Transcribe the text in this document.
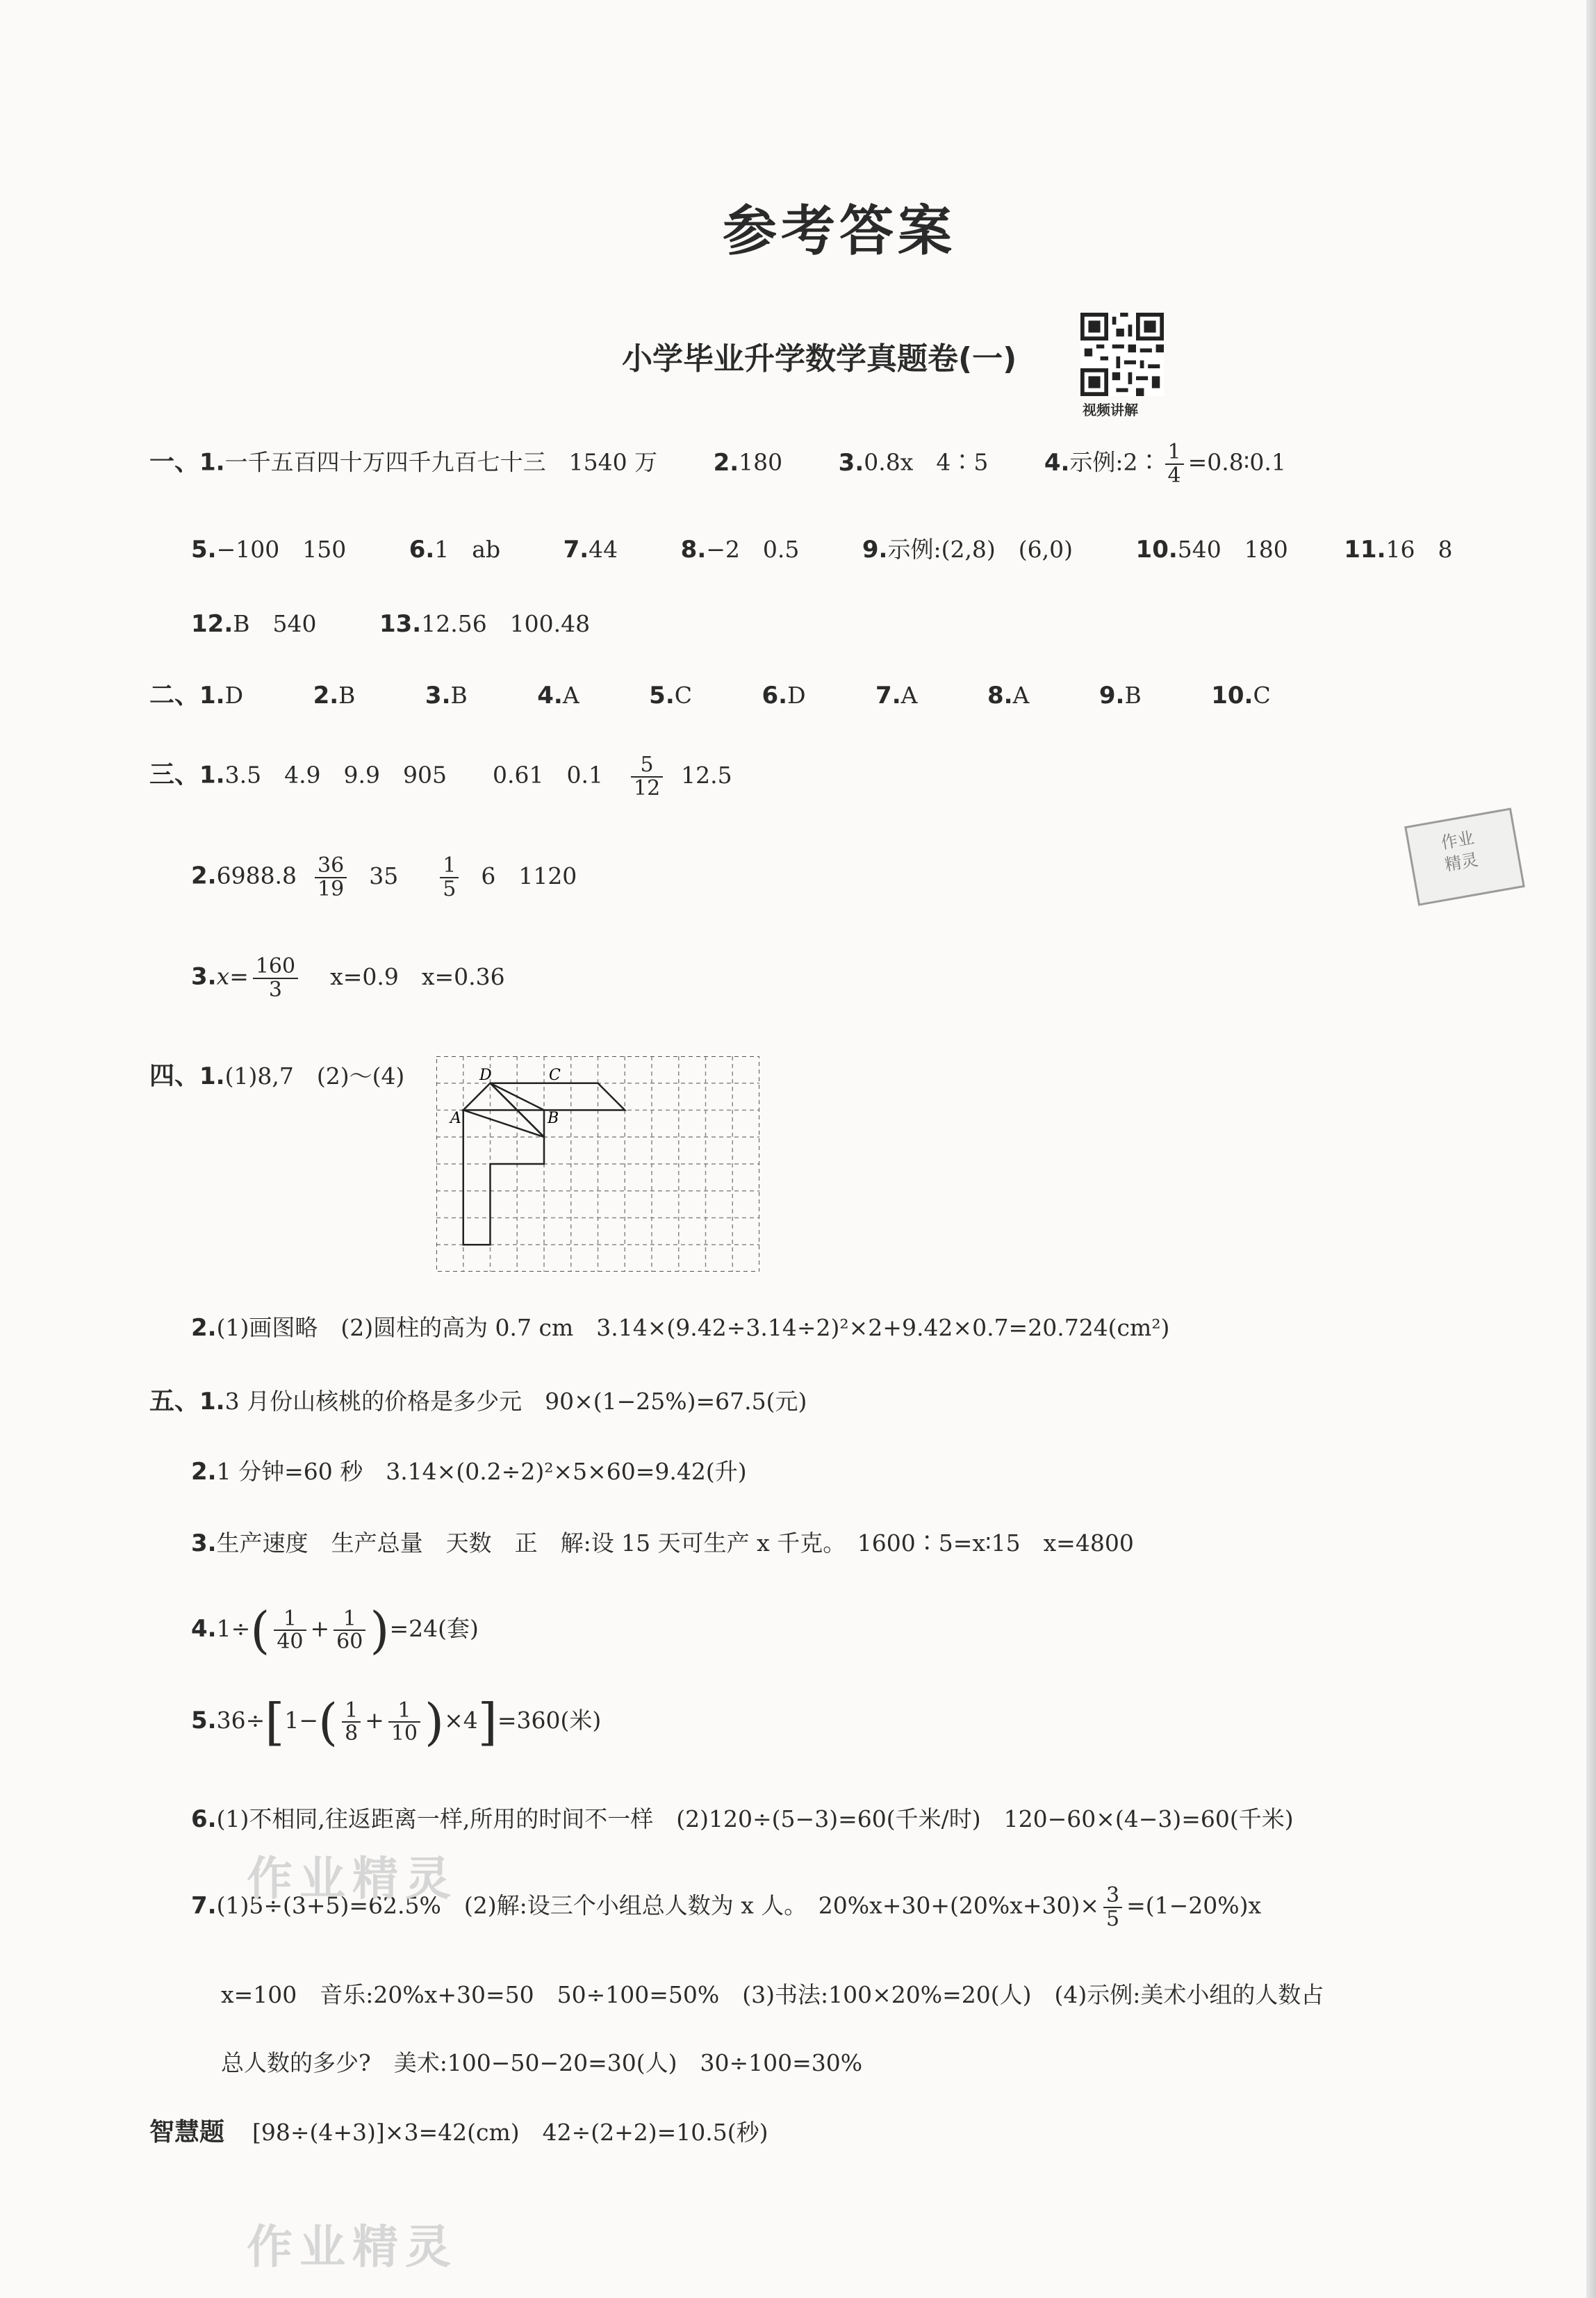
参考答案
小学毕业升学数学真题卷(一)
视频讲解
作业
精灵
一、1.一千五百四十万四千九百七十三　1540 万 2.180 3.0.8x　4∶5 4.示例:2∶ $\frac{1}{4}$ =0.8∶0.1
5.−100　150	6.1　ab	7.44	8.−2　0.5	9.示例:(2,8)　(6,0)	10.540　180 11.16　8
12.B　540	13.12.56　100.48
二、1.D	2.B	3.B	4.A	5.C	6.D	7.A	8.A	9.B	10.C
三、1.3.5　4.9　9.9　905　　0.61　$0.1 \frac{5}{12} 12.5$
$2.6988.8 \frac{36}{19} 35 \frac{1}{5} 6$　1120
$3.x= \frac{160}{3} x=0.9$　x=0.36
四、1.(1)8,7　(2)～(4)	D	C
A	B
2.(1)画图略　(2)圆柱的高为 0.7 cm　3.14×(9.42÷3.14÷2)²×2+9.42×0.7=20.724(cm²)
五、1.3 月份山核桃的价格是多少元　90×(1−25%)=67.5(元)
2.1 分钟=60 秒　3.14×(0.2÷2)²×5×60=9.42(升)
3.生产速度　生产总量　天数　正　解:设 15 天可生产 x 千克。　1600∶5=x∶15　x=4800
$4.1\div( \frac{1}{40} + \frac{1}{60} )=24$(套)
$5.36\div[1-( \frac{1}{8} + \frac{1}{10} )\times 4]=360$(米)
6.(1)不相同,往返距离一样,所用的时间不一样　(2)120÷(5−3)=60(千米/时)　120−60×(4−3)=60(千米)
7.(1)5÷(3+5)=62.5%　(2)解:设三个小组总人数为 x 人。　$20\%x+30+(20\%x+30)\times \frac{3}{5} =(1-20\%)x$
x=100　音乐:20%x+30=50　50÷100=50%　(3)书法:100×20%=20(人)　(4)示例:美术小组的人数占
总人数的多少?　美术:100−50−20=30(人)　30÷100=30%
智慧题 [98÷(4+3)]×3=42(cm)　42÷(2+2)=10.5(秒)
作业精灵
作业精灵
